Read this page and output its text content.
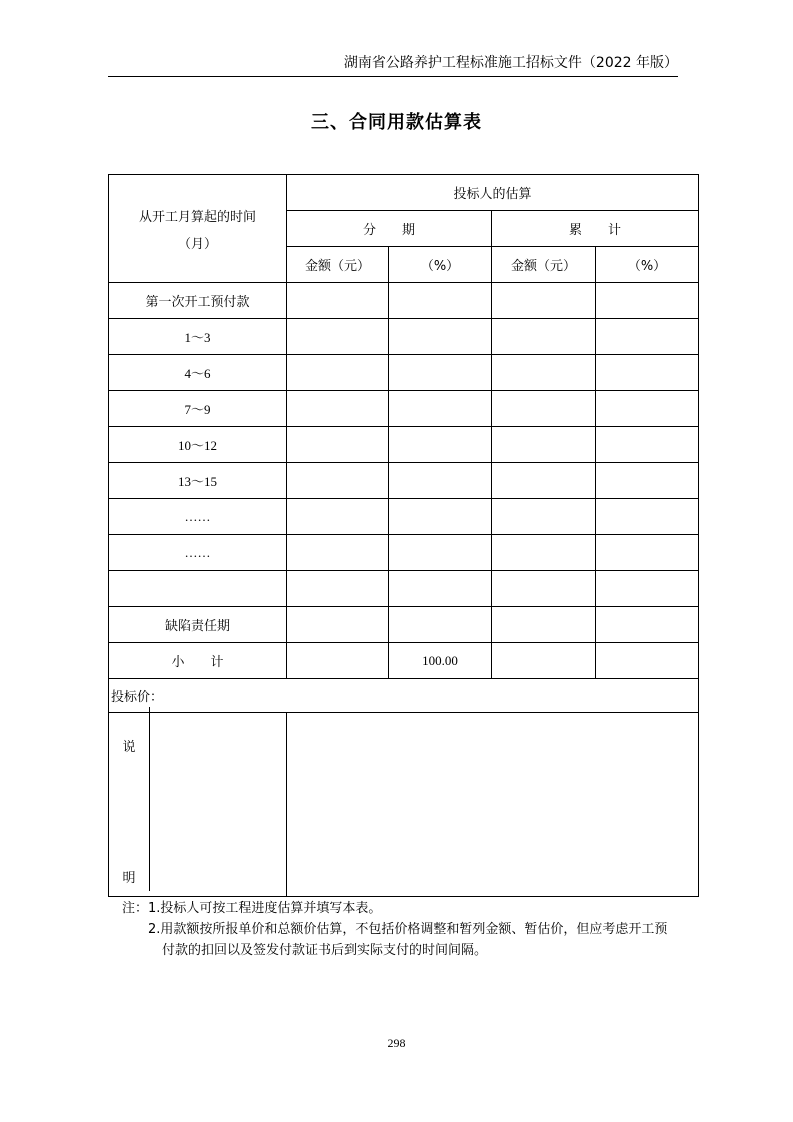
湖南省公路养护工程标准施工招标文件（2022 年版）
三、合同用款估算表
从开工月算起的时间
（月）	投标人的估算			
	分　　期		累　　计	
	金额（元）	（%）	金额（元）	（%）
第一次开工预付款				
1～3				
4～6				
7～9				
10～12				
13～15				
……				
……				

缺陷责任期				
小　　计		100.00		
投标价：				

说
明				

注：1.投标人可按工程进度估算并填写本表。
2.用款额按所报单价和总额价估算，不包括价格调整和暂列金额、暂估价，但应考虑开工预
付款的扣回以及签发付款证书后到实际支付的时间间隔。
298
